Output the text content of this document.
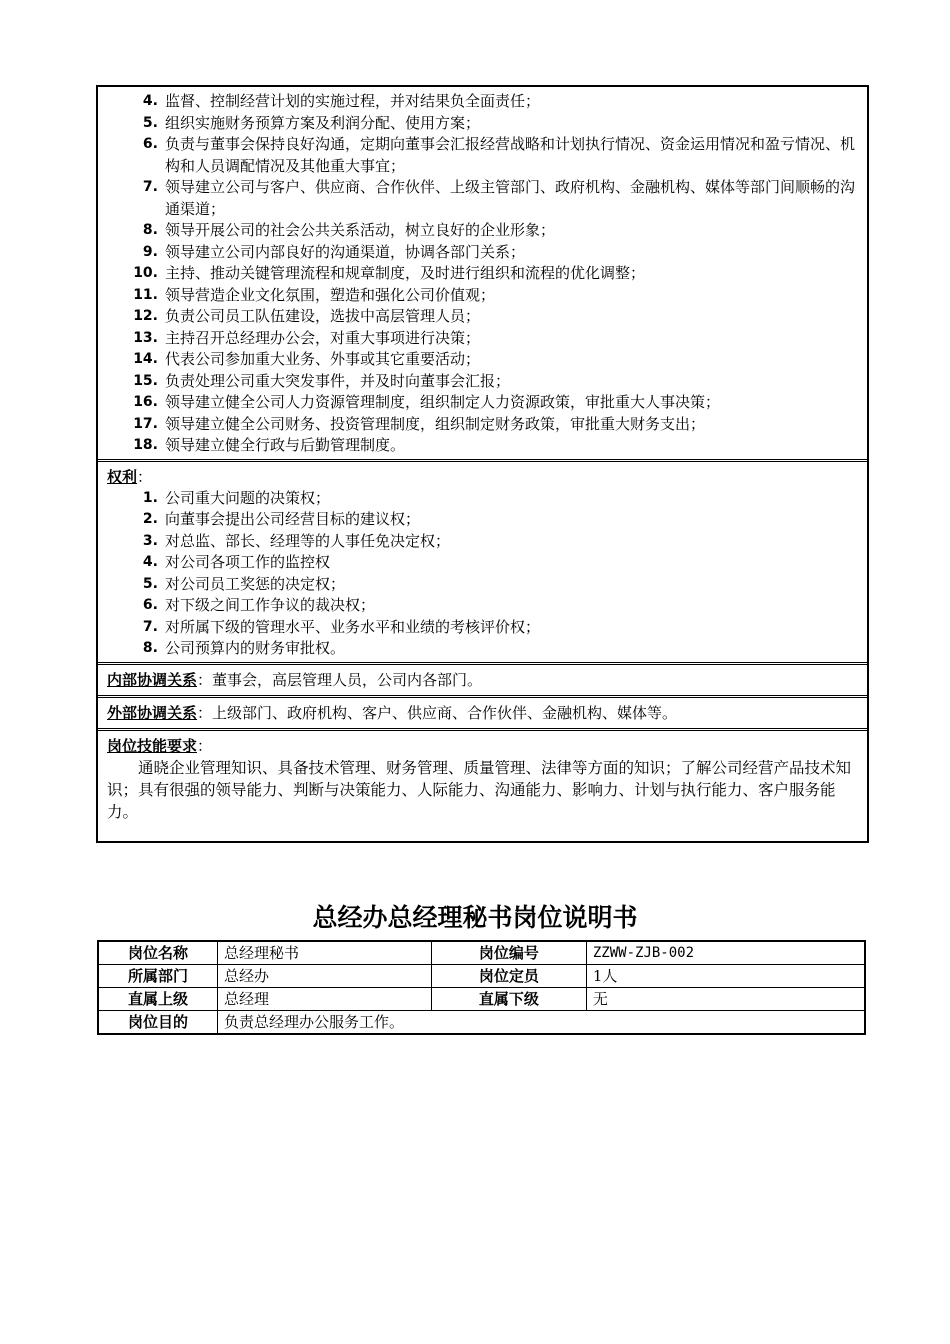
4 . 监督、控制经营计划的实施过程，并对结果负全面责任；
5 . 组织实施财务预算方案及利润分配、使用方案；
6 . 负责与董事会保持良好沟通，定期向董事会汇报经营战略和计划执行情况、资金运用情况和盈亏情况、机构和人员调配情况及其他重大事宜；
7 . 领导建立公司与客户、供应商、合作伙伴、上级主管部门、政府机构、金融机构、媒体等部门间顺畅的沟通渠道；
8 . 领导开展公司的社会公共关系活动，树立良好的企业形象；
9 . 领导建立公司内部良好的沟通渠道，协调各部门关系；
10 . 主持、推动关键管理流程和规章制度，及时进行组织和流程的优化调整；
11 . 领导营造企业文化氛围，塑造和强化公司价值观；
12 . 负责公司员工队伍建设，选拔中高层管理人员；
13 . 主持召开总经理办公会，对重大事项进行决策；
14 . 代表公司参加重大业务、外事或其它重要活动；
15 . 负责处理公司重大突发事件，并及时向董事会汇报；
16 . 领导建立健全公司人力资源管理制度，组织制定人力资源政策，审批重大人事决策；
17 . 领导建立健全公司财务、投资管理制度，组织制定财务政策，审批重大财务支出；
18 . 领导建立健全行政与后勤管理制度。
权利：
1 . 公司重大问题的决策权；
2 . 向董事会提出公司经营目标的建议权；
3 . 对总监、部长、经理等的人事任免决定权；
4 . 对公司各项工作的监控权
5 . 对公司员工奖惩的决定权；
6 . 对下级之间工作争议的裁决权；
7 . 对所属下级的管理水平、业务水平和业绩的考核评价权；
8 . 公司预算内的财务审批权。
内部协调关系：董事会，高层管理人员，公司内各部门。
外部协调关系：上级部门、政府机构、客户、供应商、合作伙伴、金融机构、媒体等。
岗位技能要求：
通晓企业管理知识、具备技术管理、财务管理、质量管理、法律等方面的知识；了解公司经营产品技术知识；具有很强的领导能力、判断与决策能力、人际能力、沟通能力、影响力、计划与执行能力、客户服务能力。
总经办总经理秘书岗位说明书
岗位名称	总经理秘书	岗位编号	ZZWW-ZJB-002
所属部门	总经办	岗位定员	1人
直属上级	总经理	直属下级	无
岗位目的	负责总经理办公服务工作。		
